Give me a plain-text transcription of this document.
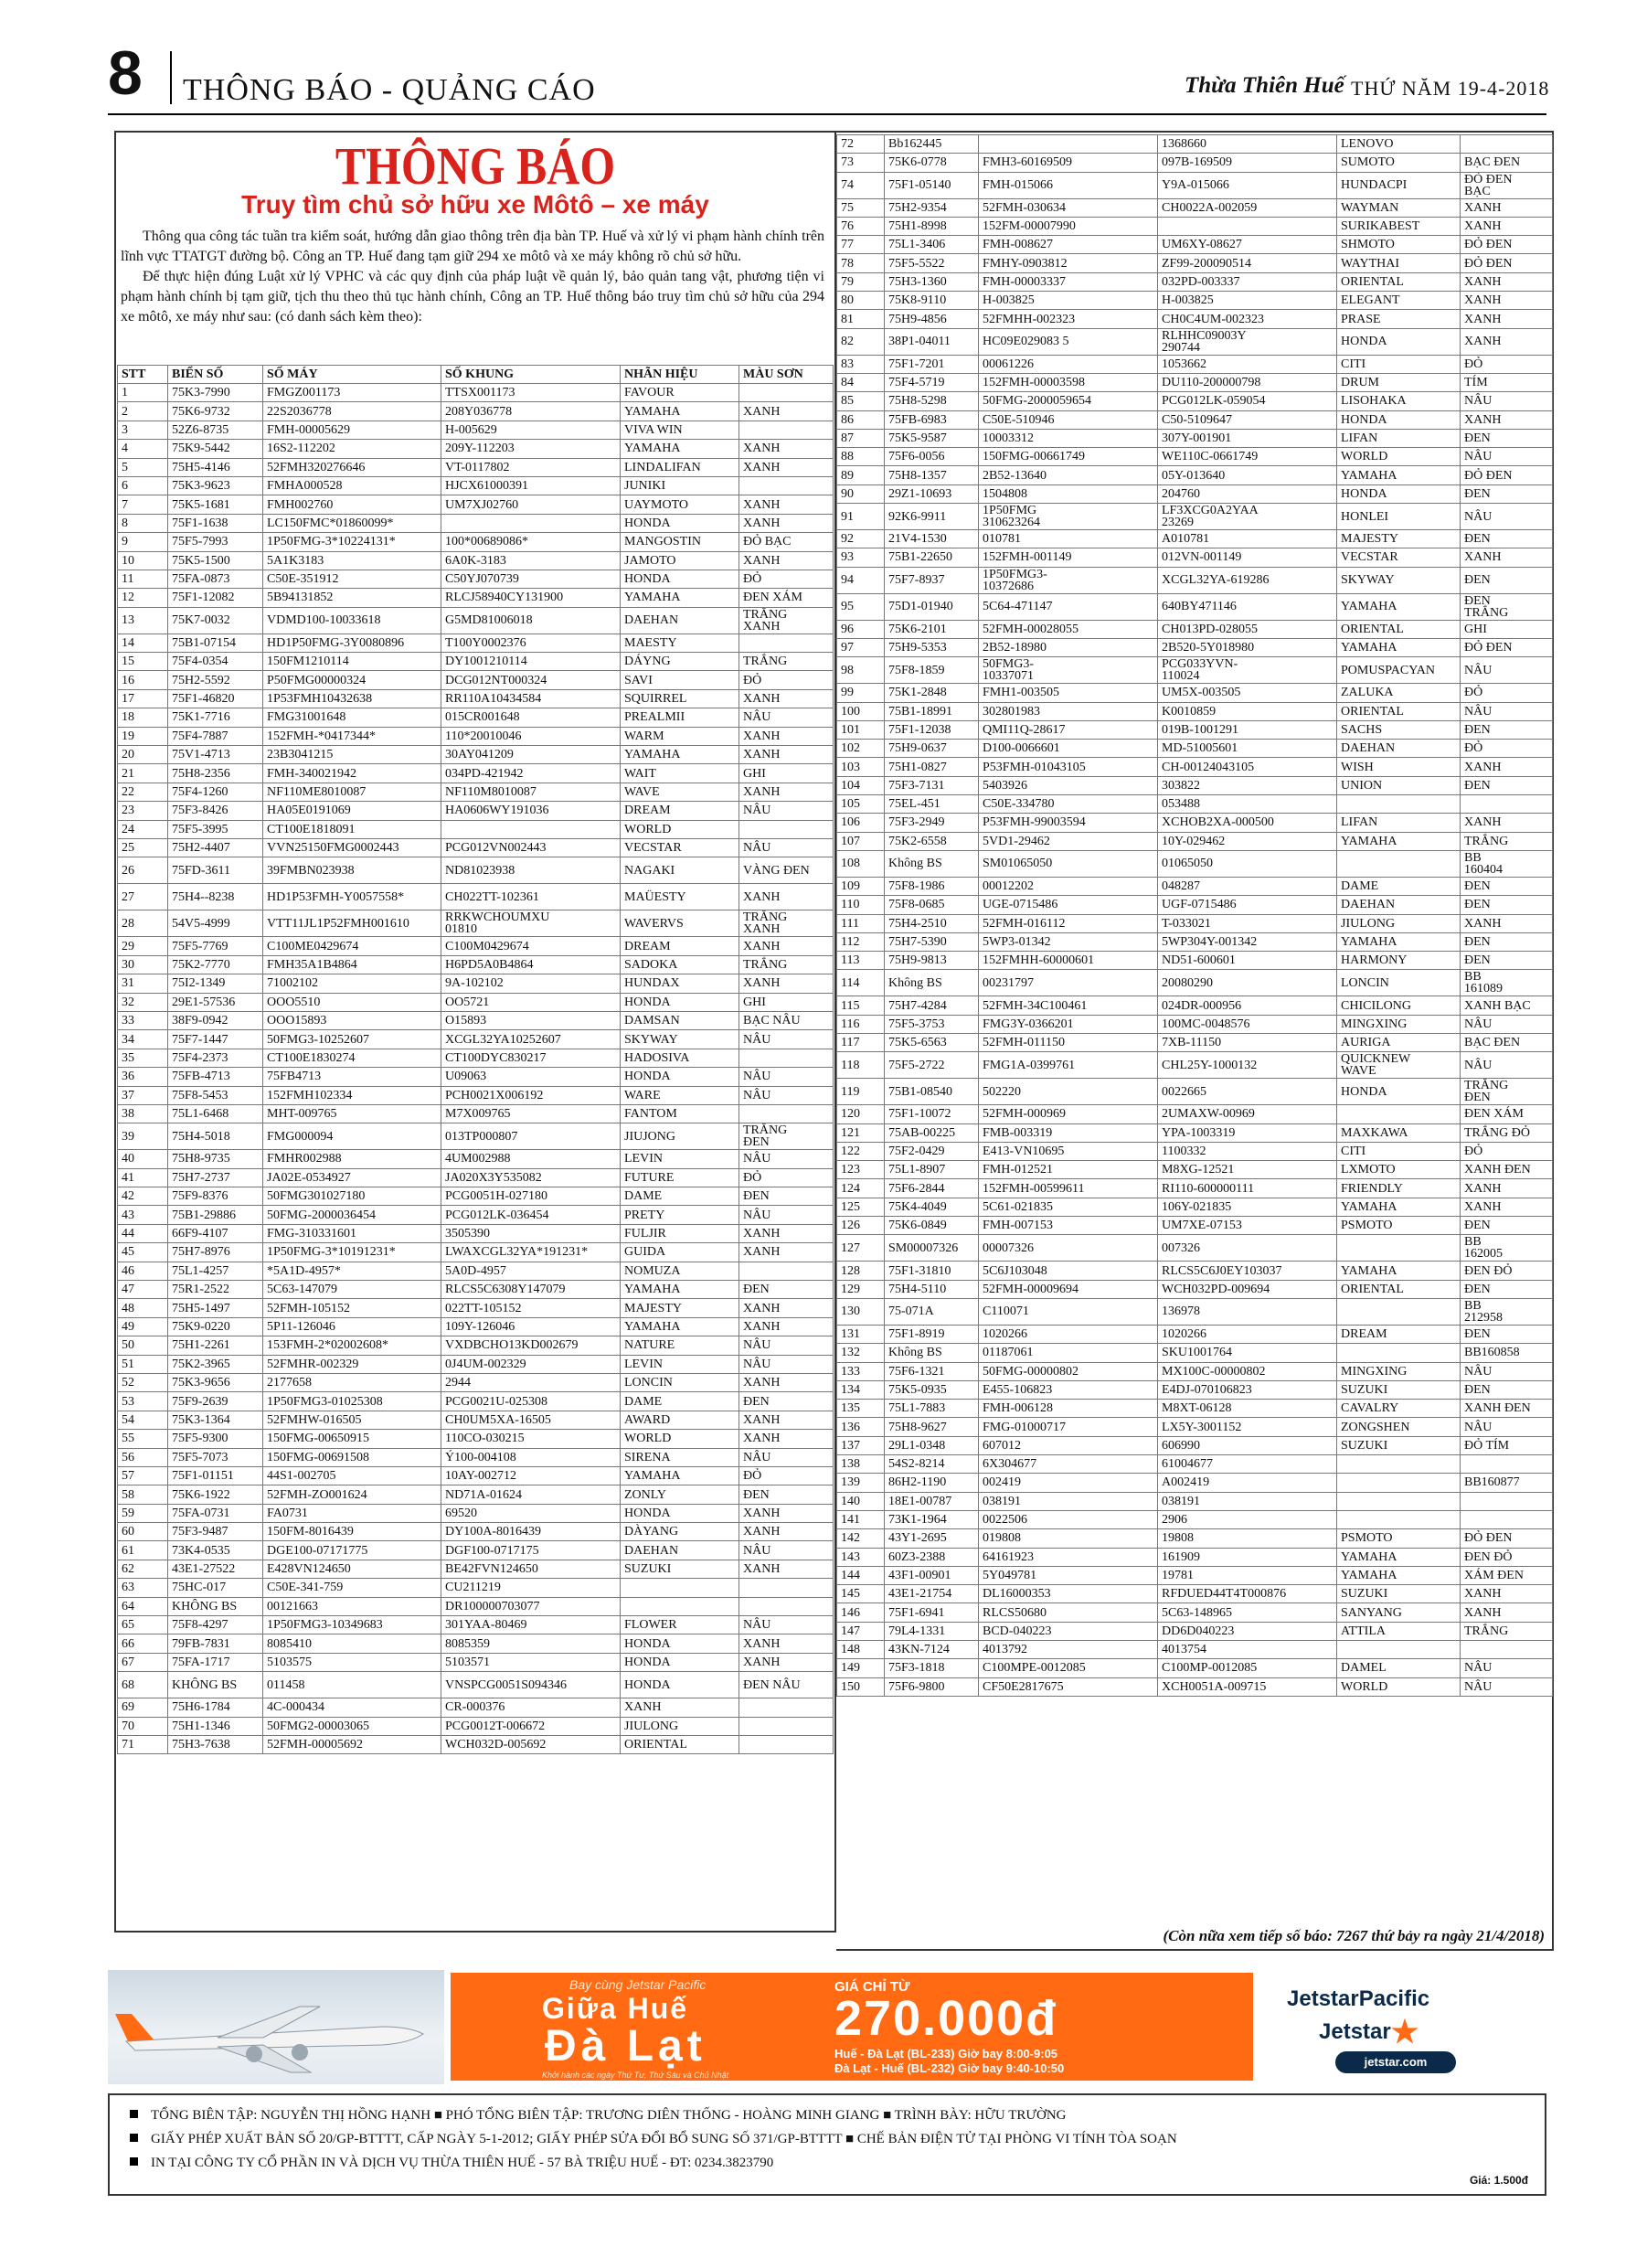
8 THÔNG BÁO - QUẢNG CÁO	Thừa Thiên Huế THỨ NĂM 19-4-2018
THÔNG BÁO
Truy tìm chủ sở hữu xe Môtô – xe máy

Thông qua công tác tuần tra kiểm soát, hướng dẫn giao thông trên địa bàn TP. Huế và xử lý vi phạm hành chính trên lĩnh vực TTATGT đường bộ. Công an TP. Huế đang tạm giữ 294 xe môtô và xe máy không rõ chủ sở hữu.

Để thực hiện đúng Luật xử lý VPHC và các quy định của pháp luật về quản lý, bảo quản tang vật, phương tiện vi phạm hành chính bị tạm giữ, tịch thu theo thủ tục hành chính, Công an TP. Huế thông báo truy tìm chủ sở hữu của 294 xe môtô, xe máy như sau: (có danh sách kèm theo):

STT	BIỂN SỐ	SỐ MÁY	SỐ KHUNG	NHÃN HIỆU	MÀU SƠN
1	75K3-7990	FMGZ001173	TTSX001173	FAVOUR	
2	75K6-9732	22S2036778	208Y036778	YAMAHA	XANH
3	52Z6-8735	FMH-00005629	H-005629	VIVA WIN	
4	75K9-5442	16S2-112202	209Y-112203	YAMAHA	XANH
5	75H5-4146	52FMH320276646	VT-0117802	LINDALIFAN	XANH
6	75K3-9623	FMHA000528	HJCX61000391	JUNIKI	
7	75K5-1681	FMH002760	UM7XJ02760	UAYMOTO	XANH
8	75F1-1638	LC150FMC*01860099*		HONDA	XANH
9	75F5-7993	1P50FMG-3*10224131*	100*00689086*	MANGOSTIN	ĐỎ BẠC
10	75K5-1500	5A1K3183	6A0K-3183	JAMOTO	XANH
11	75FA-0873	C50E-351912	C50YJ070739	HONDA	ĐỎ
12	75F1-12082	5B94131852	RLCJ58940CY131900	YAMAHA	ĐEN XÁM
13	75K7-0032	VDMD100-10033618	G5MD81006018	DAEHAN	TRẮNG
XANH
14	75B1-07154	HD1P50FMG-3Y0080896	T100Y0002376	MAESTY	
15	75F4-0354	150FM1210114	DY1001210114	DÁYNG	TRẮNG
16	75H2-5592	P50FMG00000324	DCG012NT000324	SAVI	ĐỎ
17	75F1-46820	1P53FMH10432638	RR110A10434584	SQUIRREL	XANH
18	75K1-7716	FMG31001648	015CR001648	PREALMII	NÂU
19	75F4-7887	152FMH-*0417344*	110*20010046	WARM	XANH
20	75V1-4713	23B3041215	30AY041209	YAMAHA	XANH
21	75H8-2356	FMH-340021942	034PD-421942	WAIT	GHI
22	75F4-1260	NF110ME8010087	NF110M8010087	WAVE	XANH
23	75F3-8426	HA05E0191069	HA0606WY191036	DREAM	NÂU
24	75F5-3995	CT100E1818091		WORLD	
25	75H2-4407	VVN25150FMG0002443	PCG012VN002443	VECSTAR	NÂU
26	75FD-3611	39FMBN023938	ND81023938	NAGAKI	VÀNG ĐEN
27	75H4--8238	HD1P53FMH-Y0057558*	CH022TT-102361	MAÜESTY	XANH
28	54V5-4999	VTT11JL1P52FMH001610	RRKWCHOUMXU
01810	WAVERVS	TRẮNG
XANH
29	75F5-7769	C100ME0429674	C100M0429674	DREAM	XANH
30	75K2-7770	FMH35A1B4864	H6PD5A0B4864	SADOKA	TRẮNG
31	75I2-1349	71002102	9A-102102	HUNDAX	XANH
32	29E1-57536	OOO5510	OO5721	HONDA	GHI
33	38F9-0942	OOO15893	O15893	DAMSAN	BẠC NÂU
34	75F7-1447	50FMG3-10252607	XCGL32YA10252607	SKYWAY	NÂU
35	75F4-2373	CT100E1830274	CT100DYC830217	HADOSIVA	
36	75FB-4713	75FB4713	U09063	HONDA	NÂU
37	75F8-5453	152FMH102334	PCH0021X006192	WARE	NÂU
38	75L1-6468	MHT-009765	M7X009765	FANTOM	
39	75H4-5018	FMG000094	013TP000807	JIUJONG	TRẮNG
ĐEN
40	75H8-9735	FMHR002988	4UM002988	LEVIN	NÂU
41	75H7-2737	JA02E-0534927	JA020X3Y535082	FUTURE	ĐỎ
42	75F9-8376	50FMG301027180	PCG0051H-027180	DAME	ĐEN
43	75B1-29886	50FMG-2000036454	PCG012LK-036454	PRETY	NÂU
44	66F9-4107	FMG-310331601	3505390	FULJIR	XANH
45	75H7-8976	1P50FMG-3*10191231*	LWAXCGL32YA*191231*	GUIDA	XANH
46	75L1-4257	*5A1D-4957*	5A0D-4957	NOMUZA	
47	75R1-2522	5C63-147079	RLCS5C6308Y147079	YAMAHA	ĐEN
48	75H5-1497	52FMH-105152	022TT-105152	MAJESTY	XANH
49	75K9-0220	5P11-126046	109Y-126046	YAMAHA	XANH
50	75H1-2261	153FMH-2*02002608*	VXDBCHO13KD002679	NATURE	NÂU
51	75K2-3965	52FMHR-002329	0J4UM-002329	LEVIN	NÂU
52	75K3-9656	2177658	2944	LONCIN	XANH
53	75F9-2639	1P50FMG3-01025308	PCG0021U-025308	DAME	ĐEN
54	75K3-1364	52FMHW-016505	CH0UM5XA-16505	AWARD	XANH
55	75F5-9300	150FMG-00650915	110CO-030215	WORLD	XANH
56	75F5-7073	150FMG-00691508	Ý100-004108	SIRENA	NÂU
57	75F1-01151	44S1-002705	10AY-002712	YAMAHA	ĐỎ
58	75K6-1922	52FMH-ZO001624	ND71A-01624	ZONLY	ĐEN
59	75FA-0731	FA0731	69520	HONDA	XANH
60	75F3-9487	150FM-8016439	DY100A-8016439	DÀYANG	XANH
61	73K4-0535	DGE100-07171775	DGF100-0717175	DAEHAN	NÂU
62	43E1-27522	E428VN124650	BE42FVN124650	SUZUKI	XANH
63	75HC-017	C50E-341-759	CU211219		
64	KHÔNG BS	00121663	DR100000703077		
65	75F8-4297	1P50FMG3-10349683	301YAA-80469	FLOWER	NÂU
66	79FB-7831	8085410	8085359	HONDA	XANH
67	75FA-1717	5103575	5103571	HONDA	XANH
68	KHÔNG BS	011458	VNSPCG0051S094346	HONDA	ĐEN NÂU
69	75H6-1784	4C-000434	CR-000376	XANH	
70	75H1-1346	50FMG2-00003065	PCG0012T-006672	JIULONG	
71	75H3-7638	52FMH-00005692	WCH032D-005692	ORIENTAL	
72	Bb162445		1368660	LENOVO	
73	75K6-0778	FMH3-60169509	097B-169509	SUMOTO	BẠC ĐEN
74	75F1-05140	FMH-015066	Y9A-015066	HUNDACPI	ĐỎ ĐEN
BẠC
75	75H2-9354	52FMH-030634	CH0022A-002059	WAYMAN	XANH
76	75H1-8998	152FM-00007990		SURIKABEST	XANH
77	75L1-3406	FMH-008627	UM6XY-08627	SHMOTO	ĐỎ ĐEN
78	75F5-5522	FMHY-0903812	ZF99-200090514	WAYTHAI	ĐỎ ĐEN
79	75H3-1360	FMH-00003337	032PD-003337	ORIENTAL	XANH
80	75K8-9110	H-003825	H-003825	ELEGANT	XANH
81	75H9-4856	52FMHH-002323	CH0C4UM-002323	PRASE	XANH
82	38P1-04011	HC09E029083 5	RLHHC09003Y
290744	HONDA	XANH
83	75F1-7201	00061226	1053662	CITI	ĐỎ
84	75F4-5719	152FMH-00003598	DU110-200000798	DRUM	TÍM
85	75H8-5298	50FMG-2000059654	PCG012LK-059054	LISOHAKA	NÂU
86	75FB-6983	C50E-510946	C50-5109647	HONDA	XANH
87	75K5-9587	10003312	307Y-001901	LIFAN	ĐEN
88	75F6-0056	150FMG-00661749	WE110C-0661749	WORLD	NÂU
89	75H8-1357	2B52-13640	05Y-013640	YAMAHA	ĐỎ ĐEN
90	29Z1-10693	1504808	204760	HONDA	ĐEN
91	92K6-9911	1P50FMG
310623264	LF3XCG0A2YAA
23269	HONLEI	NÂU
92	21V4-1530	010781	A010781	MAJESTY	ĐEN
93	75B1-22650	152FMH-001149	012VN-001149	VECSTAR	XANH
94	75F7-8937	1P50FMG3-
10372686	XCGL32YA-619286	SKYWAY	ĐEN
95	75D1-01940	5C64-471147	640BY471146	YAMAHA	ĐEN
TRẮNG
96	75K6-2101	52FMH-00028055	CH013PD-028055	ORIENTAL	GHI
97	75H9-5353	2B52-18980	2B520-5Y018980	YAMAHA	ĐỎ ĐEN
98	75F8-1859	50FMG3-
10337071	PCG033YVN-
110024	POMUSPACYAN	NÂU
99	75K1-2848	FMH1-003505	UM5X-003505	ZALUKA	ĐỎ
100	75B1-18991	302801983	K0010859	ORIENTAL	NÂU
101	75F1-12038	QMI11Q-28617	019B-1001291	SACHS	ĐEN
102	75H9-0637	D100-0066601	MD-51005601	DAEHAN	ĐỎ
103	75H1-0827	P53FMH-01043105	CH-00124043105	WISH	XANH
104	75F3-7131	5403926	303822	UNION	ĐEN
105	75EL-451	C50E-334780	053488		
106	75F3-2949	P53FMH-99003594	XCHOB2XA-000500	LIFAN	XANH
107	75K2-6558	5VD1-29462	10Y-029462	YAMAHA	TRẮNG
108	Không BS	SM01065050	01065050		BB
160404
109	75F8-1986	00012202	048287	DAME	ĐEN
110	75F8-0685	UGE-0715486	UGF-0715486	DAEHAN	ĐEN
111	75H4-2510	52FMH-016112	T-033021	JIULONG	XANH
112	75H7-5390	5WP3-01342	5WP304Y-001342	YAMAHA	ĐEN
113	75H9-9813	152FMHH-60000601	ND51-600601	HARMONY	ĐEN
114	Không BS	00231797	20080290	LONCIN	BB
161089
115	75H7-4284	52FMH-34C100461	024DR-000956	CHICILONG	XANH BẠC
116	75F5-3753	FMG3Y-0366201	100MC-0048576	MINGXING	NÂU
117	75K5-6563	52FMH-011150	7XB-11150	AURIGA	BẠC ĐEN
118	75F5-2722	FMG1A-0399761	CHL25Y-1000132	QUICKNEW
WAVE	NÂU
119	75B1-08540	502220	0022665	HONDA	TRẮNG
ĐEN
120	75F1-10072	52FMH-000969	2UMAXW-00969		ĐEN XÁM
121	75AB-00225	FMB-003319	YPA-1003319	MAXKAWA	TRẮNG ĐỎ
122	75F2-0429	E413-VN10695	1100332	CITI	ĐỎ
123	75L1-8907	FMH-012521	M8XG-12521	LXMOTO	XANH ĐEN
124	75F6-2844	152FMH-00599611	RI110-600000111	FRIENDLY	XANH
125	75K4-4049	5C61-021835	106Y-021835	YAMAHA	XANH
126	75K6-0849	FMH-007153	UM7XE-07153	PSMOTO	ĐEN
127	SM00007326	00007326	007326		BB
162005
128	75F1-31810	5C6J103048	RLCS5C6J0EY103037	YAMAHA	ĐEN ĐỎ
129	75H4-5110	52FMH-00009694	WCH032PD-009694	ORIENTAL	ĐEN
130	75-071A	C110071	136978		BB
212958
131	75F1-8919	1020266	1020266	DREAM	ĐEN
132	Không BS	01187061	SKU1001764		BB160858
133	75F6-1321	50FMG-00000802	MX100C-00000802	MINGXING	NÂU
134	75K5-0935	E455-106823	E4DJ-070106823	SUZUKI	ĐEN
135	75L1-7883	FMH-006128	M8XT-06128	CAVALRY	XANH ĐEN
136	75H8-9627	FMG-01000717	LX5Y-3001152	ZONGSHEN	NÂU
137	29L1-0348	607012	606990	SUZUKI	ĐỎ TÍM
138	54S2-8214	6X304677	61004677		
139	86H2-1190	002419	A002419		BB160877
140	18E1-00787	038191	038191		
141	73K1-1964	0022506	2906		
142	43Y1-2695	019808	19808	PSMOTO	ĐỎ ĐEN
143	60Z3-2388	64161923	161909	YAMAHA	ĐEN ĐỎ
144	43F1-00901	5Y049781	19781	YAMAHA	XÁM ĐEN
145	43E1-21754	DL16000353	RFDUED44T4T000876	SUZUKI	XANH
146	75F1-6941	RLCS50680	5C63-148965	SANYANG	XANH
147	79L4-1331	BCD-040223	DD6D040223	ATTILA	TRẮNG
148	43KN-7124	4013792	4013754		
149	75F3-1818	C100MPE-0012085	C100MP-0012085	DAMEL	NÂU
150	75F6-9800	CF50E2817675	XCH0051A-009715	WORLD	NÂU
(Còn nữa xem tiếp số báo: 7267 thứ bảy ra ngày 21/4/2018)
Bay cùng Jetstar Pacific
Giữa Huế
Đà Lạt
Khởi hành các ngày Thứ Tư, Thứ Sáu và Chủ Nhật
GIÁ CHỈ TỪ
270.000đ
Huế - Đà Lạt (BL-233) Giờ bay 8:00-9:05
Đà Lạt - Huế (BL-232) Giờ bay 9:40-10:50
JetstarPacific
Jetstar★
jetstar.com
TỔNG BIÊN TẬP: NGUYỄN THỊ HỒNG HẠNH ■ PHÓ TỔNG BIÊN TẬP: TRƯƠNG DIÊN THỐNG - HOÀNG MINH GIANG ■ TRÌNH BÀY: HỮU TRƯỜNG
GIẤY PHÉP XUẤT BẢN SỐ 20/GP-BTTTT, CẤP NGÀY 5-1-2012; GIẤY PHÉP SỬA ĐỔI BỔ SUNG SỐ 371/GP-BTTTT ■ CHẾ BẢN ĐIỆN TỬ TẠI PHÒNG VI TÍNH TÒA SOẠN
IN TẠI CÔNG TY CỔ PHẦN IN VÀ DỊCH VỤ THỪA THIÊN HUẾ - 57 BÀ TRIỆU HUẾ - ĐT: 0234.3823790
Giá: 1.500đ
